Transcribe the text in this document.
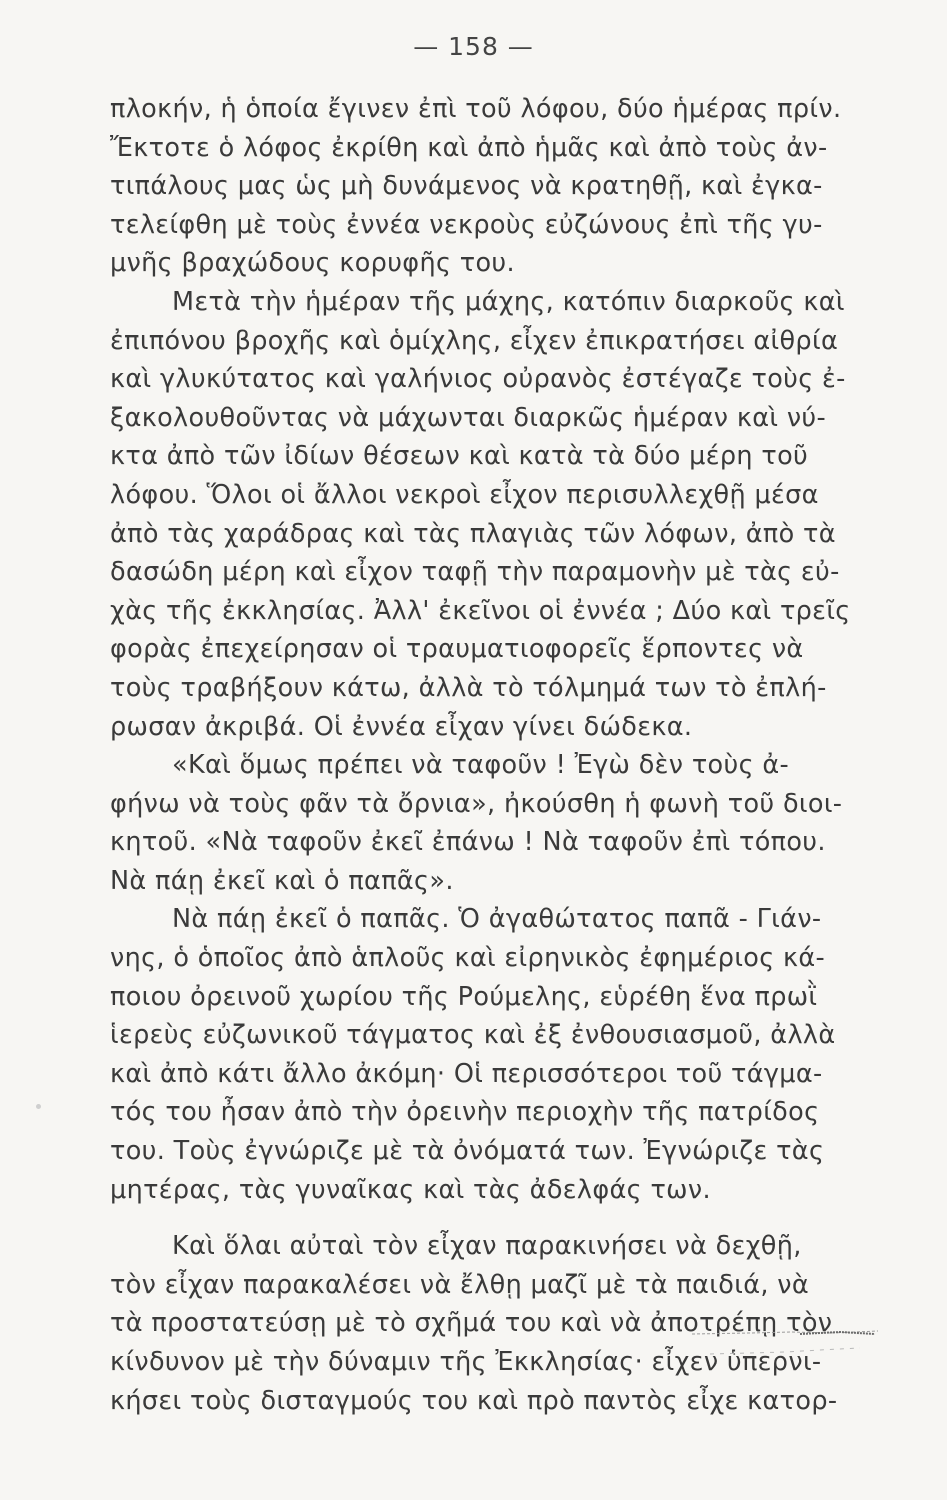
— 158 —
πλοκήν, ἡ ὁποία ἔγινεν ἐπὶ τοῦ λόφου, δύο ἡμέρας πρίν.
Ἔκτοτε ὁ λόφος ἐκρίθη καὶ ἀπὸ ἡμᾶς καὶ ἀπὸ τοὺς ἀν-
τιπάλους μας ὡς μὴ δυνάμενος νὰ κρατηθῇ, καὶ ἐγκα-
τελείφθη μὲ τοὺς ἐννέα νεκροὺς εὐζώνους ἐπὶ τῆς γυ-
μνῆς βραχώδους κορυφῆς του.
Μετὰ τὴν ἡμέραν τῆς μάχης, κατόπιν διαρκοῦς καὶ
ἐπιπόνου βροχῆς καὶ ὁμίχλης, εἶχεν ἐπικρατήσει αἰθρία
καὶ γλυκύτατος καὶ γαλήνιος οὐρανὸς ἐστέγαζε τοὺς ἐ-
ξακολουθοῦντας νὰ μάχωνται διαρκῶς ἡμέραν καὶ νύ-
κτα ἀπὸ τῶν ἰδίων θέσεων καὶ κατὰ τὰ δύο μέρη τοῦ
λόφου. Ὅλοι οἱ ἄλλοι νεκροὶ εἶχον περισυλλεχθῇ μέσα
ἀπὸ τὰς χαράδρας καὶ τὰς πλαγιὰς τῶν λόφων, ἀπὸ τὰ
δασώδη μέρη καὶ εἶχον ταφῇ τὴν παραμονὴν μὲ τὰς εὐ-
χὰς τῆς ἐκκλησίας. Ἀλλ' ἐκεῖνοι οἱ ἐννέα ; Δύο καὶ τρεῖς
φορὰς ἐπεχείρησαν οἱ τραυματιοφορεῖς ἕρποντες νὰ
τοὺς τραβήξουν κάτω, ἀλλὰ τὸ τόλμημά των τὸ ἐπλή-
ρωσαν ἀκριβά. Οἱ ἐννέα εἶχαν γίνει δώδεκα.
«Καὶ ὅμως πρέπει νὰ ταφοῦν ! Ἐγὼ δὲν τοὺς ἀ-
φήνω νὰ τοὺς φᾶν τὰ ὄρνια», ἠκούσθη ἡ φωνὴ τοῦ διοι-
κητοῦ. «Νὰ ταφοῦν ἐκεῖ ἐπάνω ! Νὰ ταφοῦν ἐπὶ τόπου.
Νὰ πάῃ ἐκεῖ καὶ ὁ παπᾶς».
Νὰ πάῃ ἐκεῖ ὁ παπᾶς. Ὁ ἀγαθώτατος παπᾶ - Γιάν-
νης, ὁ ὁποῖος ἀπὸ ἁπλοῦς καὶ εἰρηνικὸς ἐφημέριος κά-
ποιου ὀρεινοῦ χωρίου τῆς Ρούμελης, εὑρέθη ἕνα πρωῒ
ἱερεὺς εὐζωνικοῦ τάγματος καὶ ἐξ ἐνθουσιασμοῦ, ἀλλὰ
καὶ ἀπὸ κάτι ἄλλο ἀκόμη· Οἱ περισσότεροι τοῦ τάγμα-
τός του ἦσαν ἀπὸ τὴν ὀρεινὴν περιοχὴν τῆς πατρίδος
του. Τοὺς ἐγνώριζε μὲ τὰ ὀνόματά των. Ἐγνώριζε τὰς
μητέρας, τὰς γυναῖκας καὶ τὰς ἀδελφάς των.
Καὶ ὅλαι αὐταὶ τὸν εἶχαν παρακινήσει νὰ δεχθῇ,
τὸν εἶχαν παρακαλέσει νὰ ἔλθῃ μαζῖ μὲ τὰ παιδιά, νὰ
τὰ προστατεύσῃ μὲ τὸ σχῆμά του καὶ νὰ ἀποτρέπῃ τὸν
κίνδυνον μὲ τὴν δύναμιν τῆς Ἐκκλησίας· εἶχεν ὑπερνι-
κήσει τοὺς δισταγμούς του καὶ πρὸ παντὸς εἶχε κατορ-
